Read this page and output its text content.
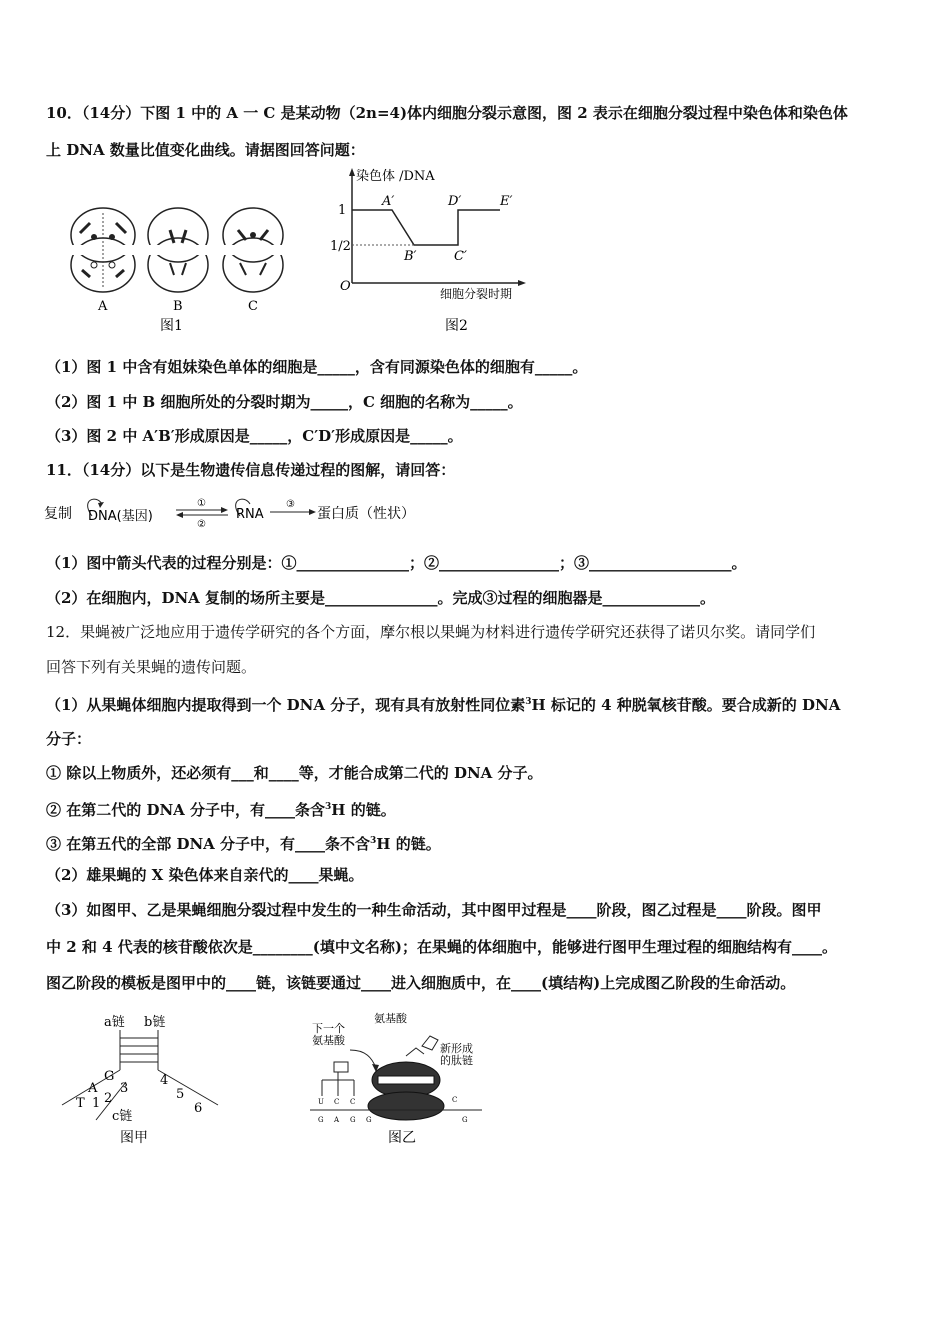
10．（14分）下图 1 中的 A 一 C 是某动物（2n=4)体内细胞分裂示意图，图 2 表示在细胞分裂过程中染色体和染色体
上 DNA 数量比值变化曲线。请据图回答问题：
A	B	C
图1
染色体 /DNA
细胞分裂时期
O
1
1/2
A′
B′	C′
D′	E′
图2
（1）图 1 中含有姐妹染色单体的细胞是_____，含有同源染色体的细胞有_____。
（2）图 1 中 B 细胞所处的分裂时期为_____，C 细胞的名称为_____。
（3）图 2 中 A′B′形成原因是_____，C′D′形成原因是_____。
11．（14分）以下是生物遗传信息传递过程的图解，请回答：
复制 DNA(基因)
①
②
RNA
③
蛋白质（性状）
（1）图中箭头代表的过程分别是：①_______________；②________________；③___________________。
（2）在细胞内，DNA 复制的场所主要是_______________。完成③过程的细胞器是_____________。
12．果蝇被广泛地应用于遗传学研究的各个方面，摩尔根以果蝇为材料进行遗传学研究还获得了诺贝尔奖。请同学们
回答下列有关果蝇的遗传问题。
（1）从果蝇体细胞内提取得到一个 DNA 分子，现有具有放射性同位素$^3$H 标记的 4 种脱氧核苷酸。要合成新的 DNA
分子：
① 除以上物质外，还必须有___和____等，才能合成第二代的 DNA 分子。
② 在第二代的 DNA 分子中，有____条含$^3$H 的链。
③ 在第五代的全部 DNA 分子中，有____条不含$^3$H 的链。
（2）雄果蝇的 X 染色体来自亲代的____果蝇。
（3）如图甲、乙是果蝇细胞分裂过程中发生的一种生命活动，其中图甲过程是____阶段，图乙过程是____阶段。图甲
中 2 和 4 代表的核苷酸依次是________(填中文名称)；在果蝇的体细胞中，能够进行图甲生理过程的细胞结构有____。
图乙阶段的模板是图甲中的____链，该链要通过____进入细胞质中，在____(填结构)上完成图乙阶段的生命活动。
a链 b链
G
A 3
T 1 2
4
5
6
c链
图甲
氨基酸
下一个
氨基酸
新形成
的肽链
U C C
G A G G	G
C
图乙
